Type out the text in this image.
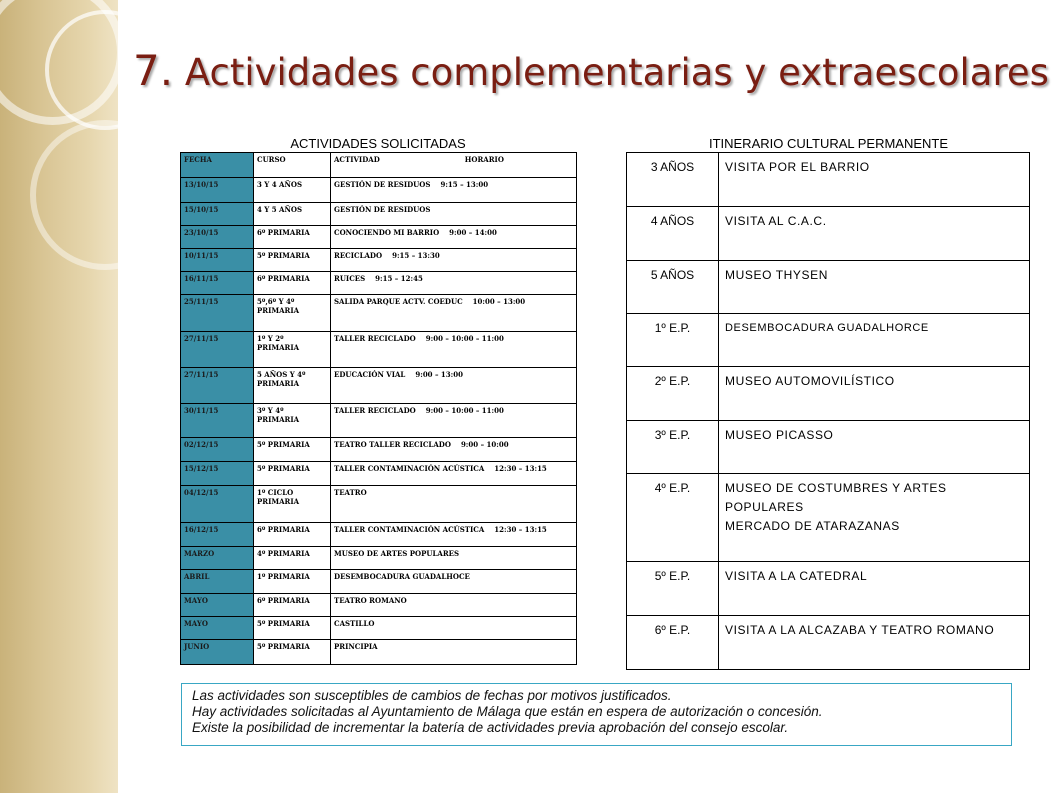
7. Actividades complementarias y extraescolares
ACTIVIDADES SOLICITADAS	ITINERARIO CULTURAL PERMANENTE
FECHA	CURSO	ACTIVIDAD HORARIO
13/10/15	3 Y 4 AÑOS	GESTIÓN DE RESIDUOS 9:15 – 13:00
15/10/15	4 Y 5 AÑOS	GESTIÓN DE RESIDUOS
23/10/15	6º PRIMARIA	CONOCIENDO MI BARRIO 9:00 – 14:00
10/11/15	5º PRIMARIA	RECICLADO 9:15 – 13:30
16/11/15	6º PRIMARIA	RUICES 9:15 – 12:45
25/11/15	5º,6º Y 4º PRIMARIA	SALIDA PARQUE ACTV. COEDUC 10:00 – 13:00
27/11/15	1º Y 2º PRIMARIA	TALLER RECICLADO 9:00 – 10:00 – 11:00
27/11/15	5 AÑOS Y 4º PRIMARIA	EDUCACIÓN VIAL 9:00 – 13:00
30/11/15	3º Y 4º PRIMARIA	TALLER RECICLADO 9:00 – 10:00 – 11:00
02/12/15	5º PRIMARIA	TEATRO TALLER RECICLADO 9:00 – 10:00
15/12/15	5º PRIMARIA	TALLER CONTAMINACIÓN ACÚSTICA 12:30 – 13:15
04/12/15	1º CICLO PRIMARIA	TEATRO
16/12/15	6º PRIMARIA	TALLER CONTAMINACIÓN ACÚSTICA 12:30 – 13:15
MARZO	4º PRIMARIA	MUSEO DE ARTES POPULARES
ABRIL	1º PRIMARIA	DESEMBOCADURA GUADALHOCE
MAYO	6º PRIMARIA	TEATRO ROMANO
MAYO	5º PRIMARIA	CASTILLO
JUNIO	5º PRIMARIA	PRINCIPIA
3 AÑOS	VISITA POR EL BARRIO

4 AÑOS	VISITA AL C.A.C.

5 AÑOS	MUSEO THYSEN

1º E.P.	DESEMBOCADURA GUADALHORCE

2º E.P.	MUSEO AUTOMOVILÍSTICO

3º E.P.	MUSEO PICASSO

4º E.P.	MUSEO DE COSTUMBRES Y ARTES POPULARES
MERCADO DE ATARAZANAS

5º E.P.	VISITA A LA CATEDRAL

6º E.P.	VISITA A LA ALCAZABA Y TEATRO ROMANO
Las actividades son susceptibles de cambios de fechas por motivos justificados.
Hay actividades solicitadas al Ayuntamiento de Málaga que están en espera de autorización o concesión.
Existe la posibilidad de incrementar la batería de actividades previa aprobación del consejo escolar.
